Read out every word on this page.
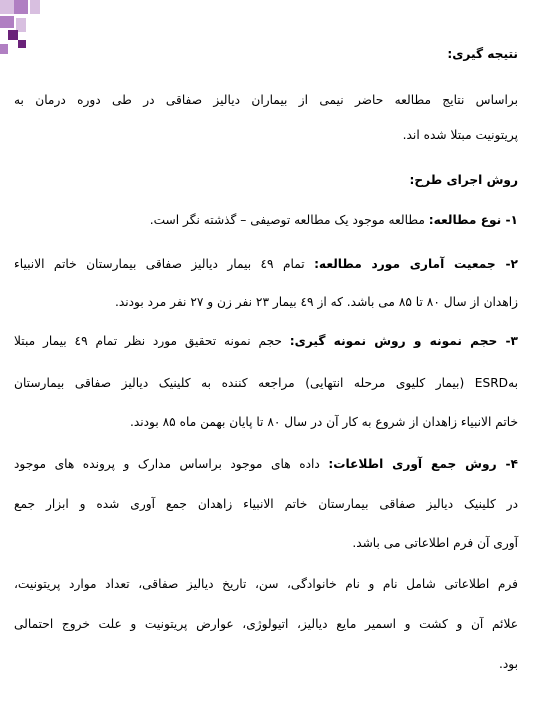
نتیجه گیری:
براساس نتایج مطالعه حاضر نیمی از بیماران دیالیز صفاقی در طی دوره درمان به
پریتونیت مبتلا شده اند.
روش اجرای طرح:
۱- نوع مطالعه: مطالعه موجود یک مطالعه توصیفی – گذشته نگر است.
۲- جمعیت آماری مورد مطالعه: تمام ٤٩ بیمار دیالیز صفاقی بیمارستان خاتم الانبیاء
زاهدان از سال ۸۰ تا ۸۵ می باشد. که از ٤٩ بیمار ۲۳ نفر زن و ۲۷ نفر مرد بودند.
۳- حجم نمونه و روش نمونه گیری: حجم نمونه تحقیق مورد نظر تمام ٤٩ بیمار مبتلا
به‌ESRD (بیمار کلیوی مرحله انتهایی) مراجعه کننده به کلینیک دیالیز صفاقی بیمارستان
خاتم الانبیاء زاهدان از شروع به کار آن در سال ۸۰ تا پایان بهمن ماه ۸۵ بودند.
۴- روش جمع آوری اطلاعات: داده های موجود براساس مدارک و پرونده های موجود
در کلینیک دیالیز صفاقی بیمارستان خاتم الانبیاء زاهدان جمع آوری شده و ابزار جمع
آوری آن فرم اطلاعاتی می باشد.
فرم اطلاعاتی شامل نام و نام خانوادگی، سن، تاریخ دیالیز صفاقی، تعداد موارد پریتونیت،
علائم آن و کشت و اسمیر مایع دیالیز، اتیولوژی، عوارض پریتونیت و علت خروج احتمالی
بود.
